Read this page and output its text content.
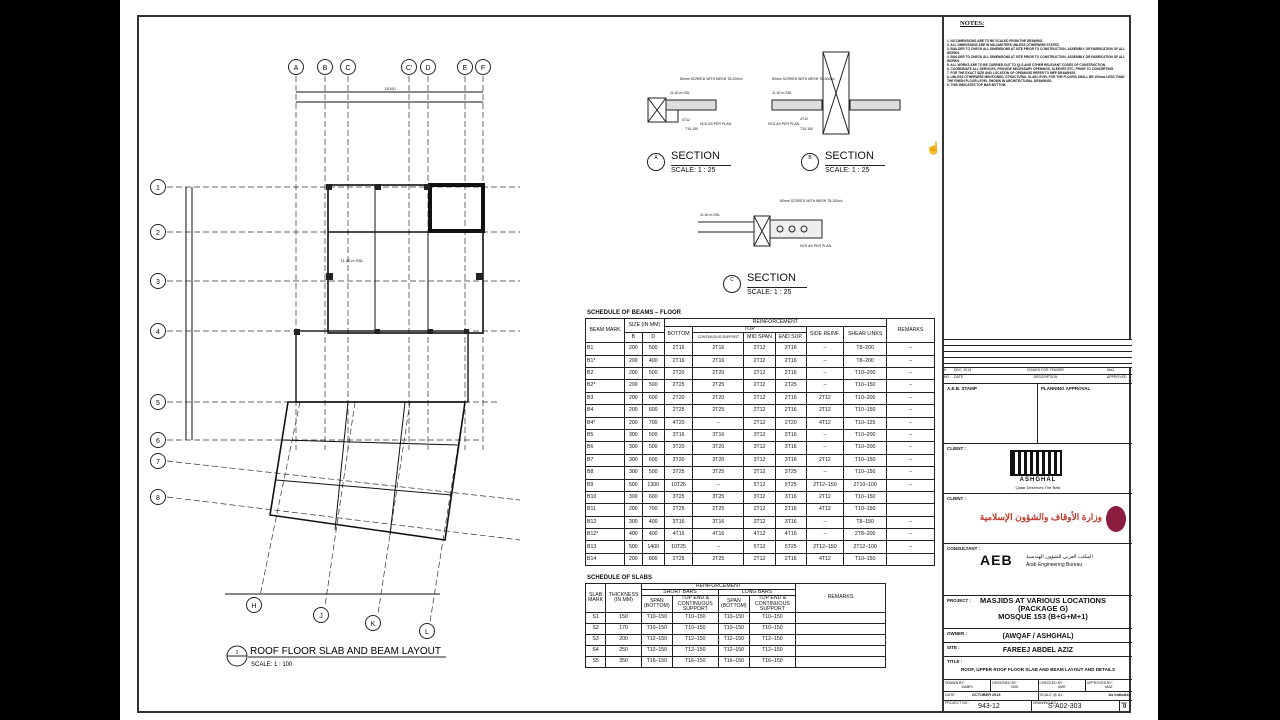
A	B	C	C' D	E F
1
2
3
4
5
6
7
8
H
J
K
L
15100
11.40 m SSL
1 ROOF FLOOR SLAB AND BEAM LAYOUT
SCALE: 1 : 100
80mm SCREED WITH MESH T8-200c/c
11.40 m SSL
4T12
T10-150
HCS AS PER PLAN
80mm SCREED WITH MESH T8-200c/c
11.40 m SSL
HCS AS PER PLAN
4T12
T10-150
80mm SCREED WITH MESH T8-200c/c
11.40 m SSL
HCS AS PER PLAN
A	SECTION
SCALE: 1 : 25
B	SECTION
SCALE: 1 : 25
C	SECTION
SCALE: 1 : 25
☝
SCHEDULE OF BEAMS – FLOOR
BEAM MARK	SIZE (IN MM)		REINFORCEMENT						REMARKS
			BOTTOM	TOP			SIDE REINF.	SHEAR LINKS	
	B	D		CONTINUOUS SUPPORT	MID SPAN	END SUP.			
B1	200	500	2T16	2T16	2T12	2T16	–	T8–200	–
B1*	200	400	2T16	2T16	2T12	2T16	–	T8–200	–
B2	200	500	2T20	2T20	2T12	2T16	–	T10–200	–
B2*	200	500	2T25	2T25	2T12	2T25	–	T10–150	–
B3	200	600	2T20	2T20	2T12	2T16	2T12	T10–200	–
B4	200	600	2T25	2T25	2T12	2T16	2T12	T10–150	–
B4*	200	700	4T20	–	2T12	2T20	4T12	T10–125	–
B5	300	500	3T16	3T16	3T12	3T16	–	T10–200	–
B6	300	500	3T20	3T20	3T12	3T16	–	T10–200	–
B7	300	600	3T20	3T20	3T12	3T16	2T12	T10–150	–
B8	300	500	3T25	3T25	3T12	3T25	–	T10–150	–
B9	500	1300	10T25	–	5T12	5T25	2T12–150	2T10–100	–
B10	300	600	3T25	3T25	3T12	3T16	2T12	T10–150	
B11	200	700	2T25	2T25	2T12	2T16	4T12	T10–150	
B12	300	400	3T16	3T16	3T12	3T16	–	T8–150	–
B12*	400	400	4T16	4T16	4T12	4T16	–	2T8–200	–
B13	500	1400	10T25	–	5T12	5T25	2T12–150	2T12–100	–
B14	200	800	2T25	2T25	2T12	2T16	4T12	T10–150	
SCHEDULE OF SLABS
SLAB MARK	THICKNESS (IN MM)	REINFORCEMENT				REMARKS
		SHORT BARS		LONG BARS		
		SPAN (BOTTOM)	TOP END & CONTINUOUS SUPPORT	SPAN (BOTTOM)	TOP END & CONTINUOUS SUPPORT	
S1	150	T10–150	T10–150	T10–150	T10–150	
S2	170	T10–150	T10–150	T10–150	T10–150	
S3	200	T12–150	T12–150	T12–150	T12–150	
S4	250	T12–150	T12–150	T12–150	T12–150	
S5	350	T16–150	T16–150	T16–150	T16–150	
NOTES:
1. NO DIMENSIONS ARE TO BE SCALED FROM THE DRAWING.
2. ALL DIMENSIONS ARE IN MILLIMETERS UNLESS OTHERWISE STATED.
3. BUILDER TO CHECK ALL DIMENSIONS AT SITE PRIOR TO CONSTRUCTION, ASSEMBLY OR FABRICATION OF ALL WORKS.
4. BUILDER TO CHECK ALL DIMENSIONS AT SITE PRIOR TO CONSTRUCTION, ASSEMBLY OR FABRICATION OF ALL WORKS.
5. ALL WORKS ARE TO BE CARRIED OUT TO QLS AND OTHER RELEVANT CODES OF CONSTRUCTION.
6. COORDINATE ALL SERVICES, PROVIDE NECESSARY OPENINGS, SLEEVES ETC. PRIOR TO CONCRETING.
7. FOR THE EXACT SIZE AND LOCATION OF OPENINGS REFER TO MEP DRAWINGS.
8. UNLESS OTHERWISE MENTIONED, STRUCTURAL SLAB LEVEL FOR THE FLOORS SHALL BE 100mm LESS THAN THE FINISH FLOOR LEVEL SHOWN IN ARCHITECTURAL DRAWINGS.
9. THIS INDICATES TOP BAR BOTTOM.
0	DEC, 2013	ISSUED FOR TENDER	MAZ
NO.	DATE	DESCRIPTION	APPROVED
A.E.B. STAMP	PLANNING APPROVAL
CLIENT :
ASHGHAL
Qatar Deserves The Best
CLIENT :
وزارة الأوقاف والشؤون الإسلامية
CONSULTANT :
AEB	المكتب العربي للشؤون الهندسية
Arab Engineering Bureau
PROJECT :	MASJIDS AT VARIOUS LOCATIONS
(PACKAGE G)
MOSQUE 153 (B+G+M+1)
OWNER :	(AWQAF / ASHGHAL)
SITE :	FAREEJ ABDEL AZIZ
TITLE :
ROOF, UPPER ROOF FLOOR SLAB AND BEAM LAYOUT AND DETAILS
DRAWN BY:
MABRI
DESIGNED BY:
VMS
CHECKED BY:
AMR
APPROVED BY:
MAZ
DATE :	OCTOBER 2013	SCALE @ A1 :	As indicated
PROJECT NO : 943-12	DRAWING NO :
S-A02-303	REV
0
